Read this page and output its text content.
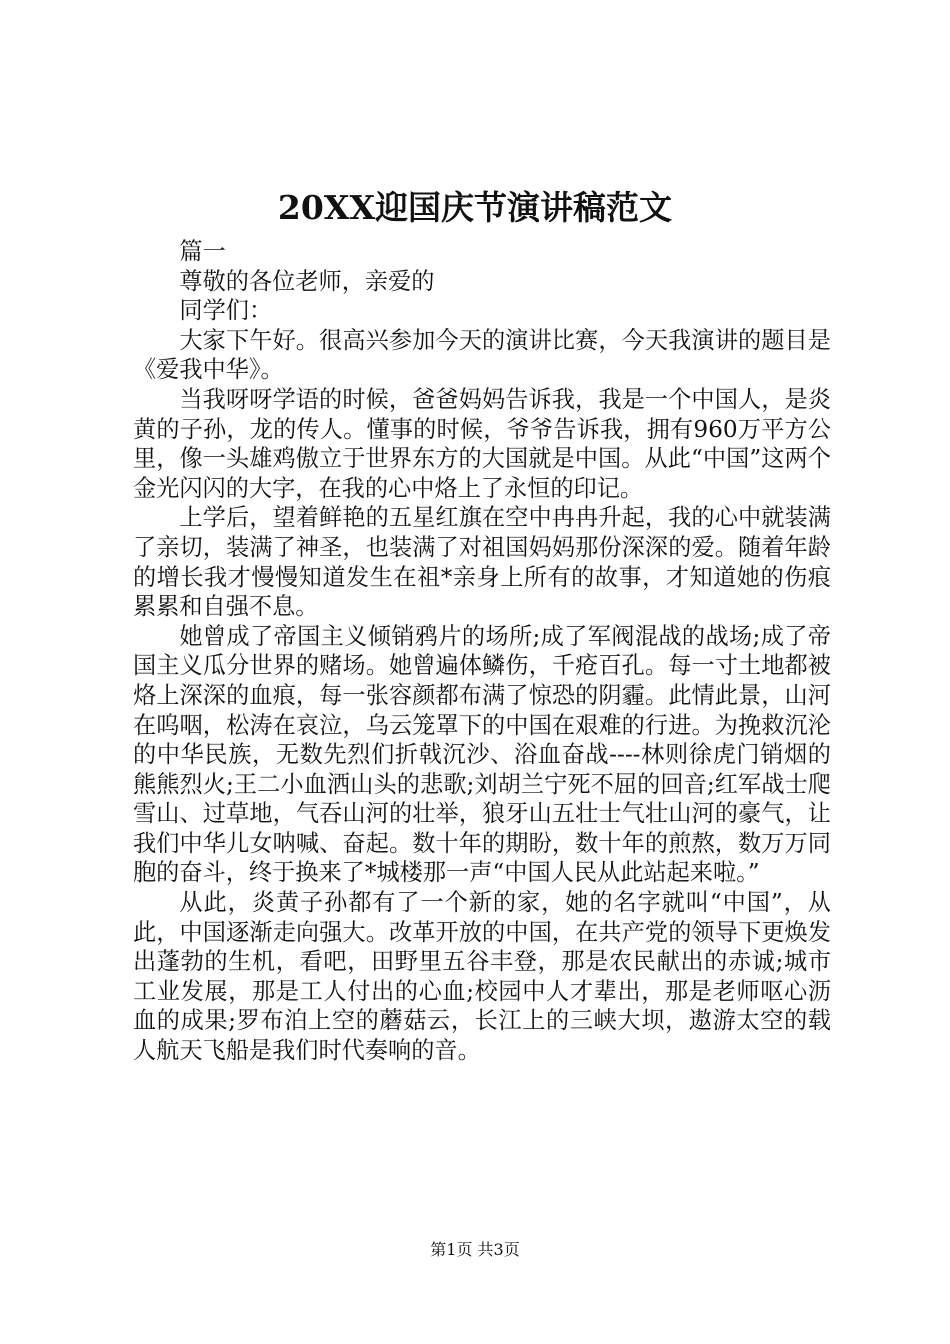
20XX迎国庆节演讲稿范文

篇一

尊敬的各位老师，亲爱的

同学们：

大家下午好。很高兴参加今天的演讲比赛，今天我演讲的题目是《爱我中华》。

当我呀呀学语的时候，爸爸妈妈告诉我，我是一个中国人，是炎黄的子孙，龙的传人。懂事的时候，爷爷告诉我，拥有960万平方公里，像一头雄鸡傲立于世界东方的大国就是中国。从此“中国”这两个金光闪闪的大字，在我的心中烙上了永恒的印记。

上学后，望着鲜艳的五星红旗在空中冉冉升起，我的心中就装满了亲切，装满了神圣，也装满了对祖国妈妈那份深深的爱。随着年龄的增长我才慢慢知道发生在祖*亲身上所有的故事，才知道她的伤痕累累和自强不息。

她曾成了帝国主义倾销鸦片的场所;成了军阀混战的战场;成了帝国主义瓜分世界的赌场。她曾遍体鳞伤，千疮百孔。每一寸土地都被烙上深深的血痕，每一张容颜都布满了惊恐的阴霾。此情此景，山河在呜咽，松涛在哀泣，乌云笼罩下的中国在艰难的行进。为挽救沉沦的中华民族，无数先烈们折戟沉沙、浴血奋战----林则徐虎门销烟的熊熊烈火;王二小血洒山头的悲歌;刘胡兰宁死不屈的回音;红军战士爬雪山、过草地，气吞山河的壮举，狼牙山五壮士气壮山河的豪气，让我们中华儿女呐喊、奋起。数十年的期盼，数十年的煎熬，数万万同胞的奋斗，终于换来了*城楼那一声“中国人民从此站起来啦。”

从此，炎黄子孙都有了一个新的家，她的名字就叫“中国”，从此，中国逐渐走向强大。改革开放的中国，在共产党的领导下更焕发出蓬勃的生机，看吧，田野里五谷丰登，那是农民献出的赤诚;城市工业发展，那是工人付出的心血;校园中人才辈出，那是老师呕心沥血的成果;罗布泊上空的蘑菇云，长江上的三峡大坝，遨游太空的载人航天飞船是我们时代奏响的音。

第1页 共3页
